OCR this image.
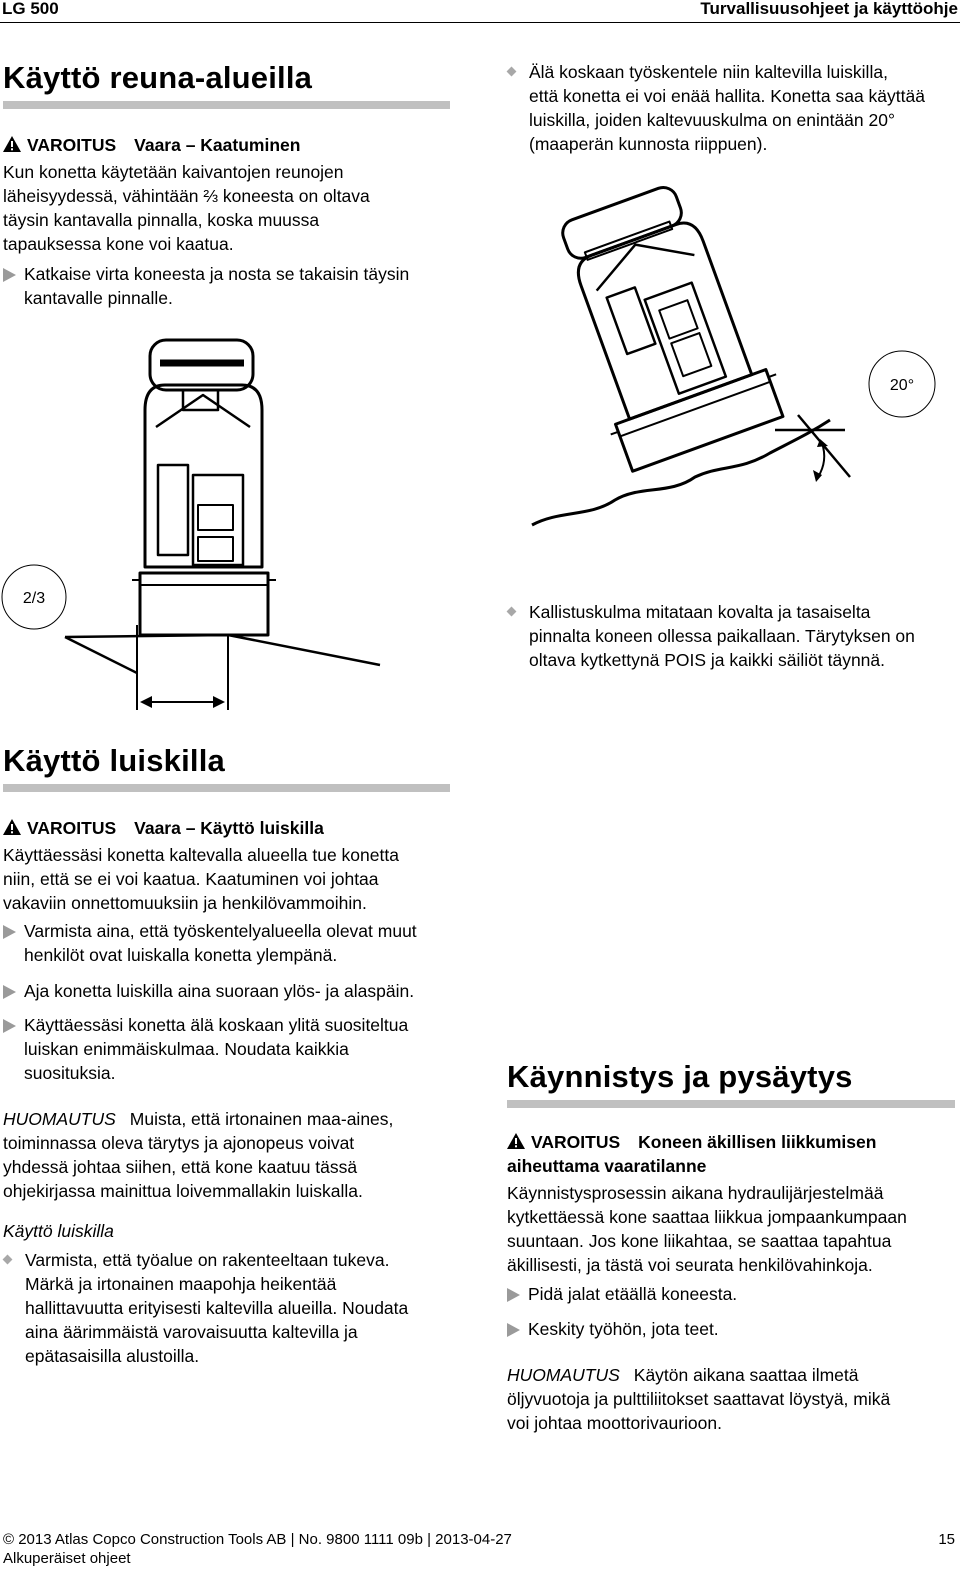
LG 500	Turvallisuusohjeet ja käyttöohje
Käyttö reuna-alueilla
VAROITUS Vaara – Kaatuminen
Kun konetta käytetään kaivantojen reunojen
läheisyydessä, vähintään ⅔ koneesta on oltava
täysin kantavalla pinnalla, koska muussa
tapauksessa kone voi kaatua.
Katkaise virta koneesta ja nosta se takaisin täysin
kantavalle pinnalle.
Älä koskaan työskentele niin kaltevilla luiskilla,
että konetta ei voi enää hallita. Konetta saa käyttää
luiskilla, joiden kaltevuuskulma on enintään 20°
(maaperän kunnosta riippuen).
20°
2/3
Kallistuskulma mitataan kovalta ja tasaiselta
pinnalta koneen ollessa paikallaan. Tärytyksen on
oltava kytkettynä POIS ja kaikki säiliöt täynnä.
Käyttö luiskilla
VAROITUS Vaara – Käyttö luiskilla
Käyttäessäsi konetta kaltevalla alueella tue konetta
niin, että se ei voi kaatua. Kaatuminen voi johtaa
vakaviin onnettomuuksiin ja henkilövammoihin.
Varmista aina, että työskentelyalueella olevat muut
henkilöt ovat luiskalla konetta ylempänä.
Aja konetta luiskilla aina suoraan ylös- ja alaspäin.
Käyttäessäsi konetta älä koskaan ylitä suositeltua
luiskan enimmäiskulmaa. Noudata kaikkia
suosituksia.
HUOMAUTUS Muista, että irtonainen maa-aines,
toiminnassa oleva tärytys ja ajonopeus voivat
yhdessä johtaa siihen, että kone kaatuu tässä
ohjekirjassa mainittua loivemmallakin luiskalla.
Käyttö luiskilla
Varmista, että työalue on rakenteeltaan tukeva.
Märkä ja irtonainen maapohja heikentää
hallittavuutta erityisesti kaltevilla alueilla. Noudata
aina äärimmäistä varovaisuutta kaltevilla ja
epätasaisilla alustoilla.
Käynnistys ja pysäytys
VAROITUS Koneen äkillisen liikkumisen
aiheuttama vaaratilanne
Käynnistysprosessin aikana hydraulijärjestelmää
kytkettäessä kone saattaa liikkua jompaankumpaan
suuntaan. Jos kone liikahtaa, se saattaa tapahtua
äkillisesti, ja tästä voi seurata henkilövahinkoja.
Pidä jalat etäällä koneesta.
Keskity työhön, jota teet.
HUOMAUTUS Käytön aikana saattaa ilmetä
öljyvuotoja ja pulttiliitokset saattavat löystyä, mikä
voi johtaa moottorivaurioon.
© 2013 Atlas Copco Construction Tools AB | No. 9800 1111 09b | 2013-04-27
Alkuperäiset ohjeet
15
